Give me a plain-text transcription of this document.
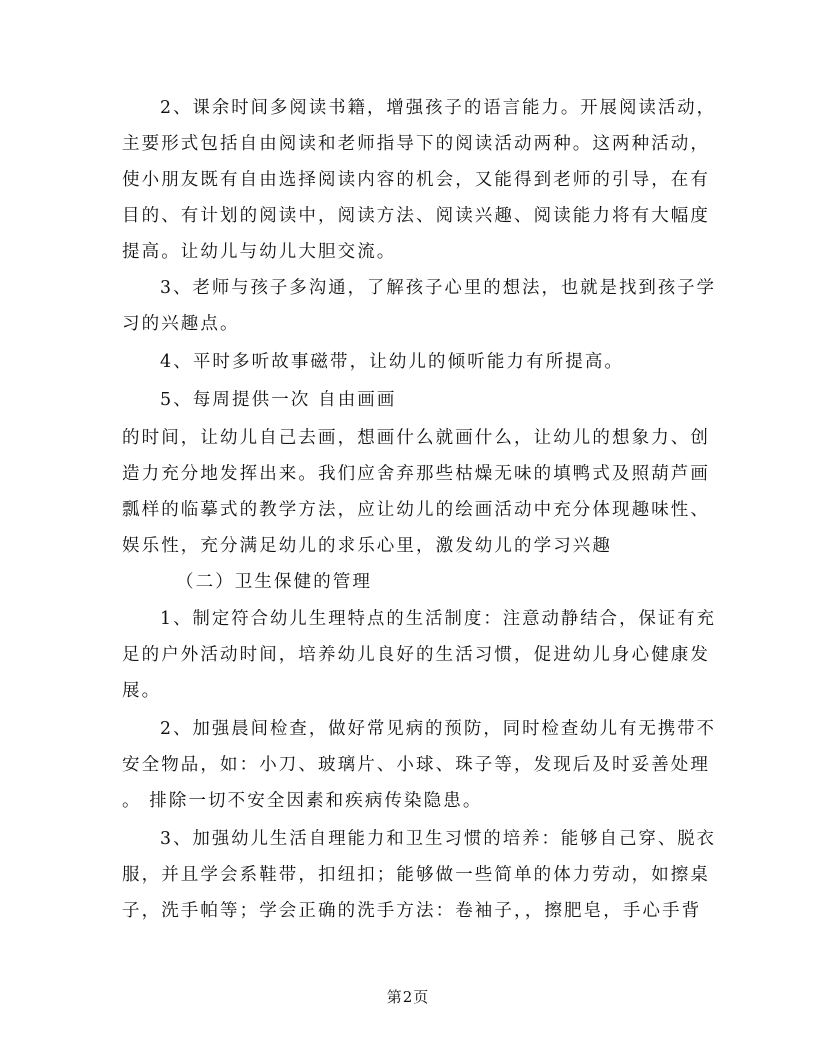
2、课余时间多阅读书籍，增强孩子的语言能力。开展阅读活动，
主要形式包括自由阅读和老师指导下的阅读活动两种。这两种活动，
使小朋友既有自由选择阅读内容的机会，又能得到老师的引导，在有
目的、有计划的阅读中，阅读方法、阅读兴趣、阅读能力将有大幅度
提高。让幼儿与幼儿大胆交流。
3、老师与孩子多沟通，了解孩子心里的想法，也就是找到孩子学
习的兴趣点。
4、平时多听故事磁带，让幼儿的倾听能力有所提高。
5、每周提供一次 自由画画
的时间，让幼儿自己去画，想画什么就画什么，让幼儿的想象力、创
造力充分地发挥出来。我们应舍弃那些枯燥无味的填鸭式及照葫芦画
瓢样的临摹式的教学方法，应让幼儿的绘画活动中充分体现趣味性、
娱乐性，充分满足幼儿的求乐心里，激发幼儿的学习兴趣
（二）卫生保健的管理
1、制定符合幼儿生理特点的生活制度：注意动静结合，保证有充
足的户外活动时间，培养幼儿良好的生活习惯，促进幼儿身心健康发
展。
2、加强晨间检查，做好常见病的预防，同时检查幼儿有无携带不
安全物品，如：小刀、玻璃片、小球、珠子等，发现后及时妥善处理
。 排除一切不安全因素和疾病传染隐患。
3、加强幼儿生活自理能力和卫生习惯的培养：能够自己穿、脱衣
服，并且学会系鞋带，扣纽扣；能够做一些简单的体力劳动，如擦桌
子，洗手帕等；学会正确的洗手方法：卷袖子，，擦肥皂，手心手背
第2页
